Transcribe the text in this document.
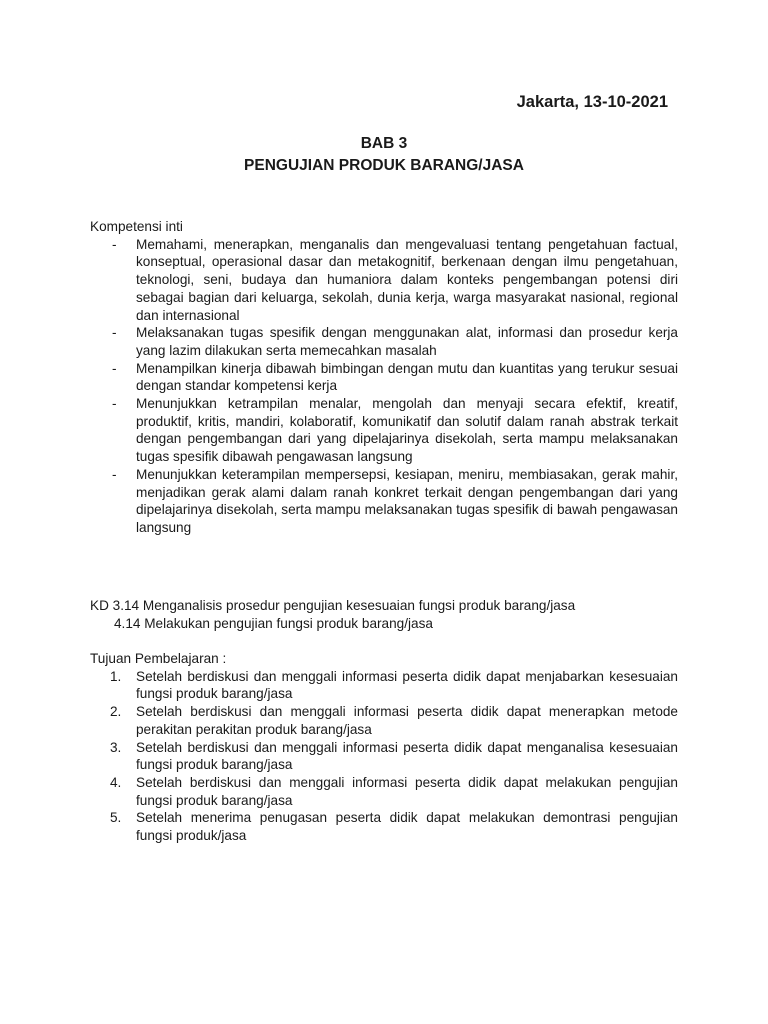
Jakarta, 13-10-2021
BAB 3
PENGUJIAN PRODUK BARANG/JASA
Kompetensi inti
- Memahami, menerapkan, menganalis dan mengevaluasi tentang pengetahuan factual, konseptual, operasional dasar dan metakognitif, berkenaan dengan ilmu pengetahuan, teknologi, seni, budaya dan humaniora dalam konteks pengembangan potensi diri sebagai bagian dari keluarga, sekolah, dunia kerja, warga masyarakat nasional, regional dan internasional
- Melaksanakan tugas spesifik dengan menggunakan alat, informasi dan prosedur kerja yang lazim dilakukan serta memecahkan masalah
- Menampilkan kinerja dibawah bimbingan dengan mutu dan kuantitas yang terukur sesuai dengan standar kompetensi kerja
- Menunjukkan ketrampilan menalar, mengolah dan menyaji secara efektif, kreatif, produktif, kritis, mandiri, kolaboratif, komunikatif dan solutif dalam ranah abstrak terkait dengan pengembangan dari yang dipelajarinya disekolah, serta mampu melaksanakan tugas spesifik dibawah pengawasan langsung
- Menunjukkan keterampilan mempersepsi, kesiapan, meniru, membiasakan, gerak mahir, menjadikan gerak alami dalam ranah konkret terkait dengan pengembangan dari yang dipelajarinya disekolah, serta mampu melaksanakan tugas spesifik di bawah pengawasan langsung
KD 3.14 Menganalisis prosedur pengujian kesesuaian fungsi produk barang/jasa
4.14 Melakukan pengujian fungsi produk barang/jasa
Tujuan Pembelajaran :
1. Setelah berdiskusi dan menggali informasi peserta didik dapat menjabarkan kesesuaian fungsi produk barang/jasa
2. Setelah berdiskusi dan menggali informasi peserta didik dapat menerapkan metode perakitan perakitan produk barang/jasa
3. Setelah berdiskusi dan menggali informasi peserta didik dapat menganalisa kesesuaian fungsi produk barang/jasa
4. Setelah berdiskusi dan menggali informasi peserta didik dapat melakukan pengujian fungsi produk barang/jasa
5. Setelah menerima penugasan peserta didik dapat melakukan demontrasi pengujian fungsi produk/jasa
